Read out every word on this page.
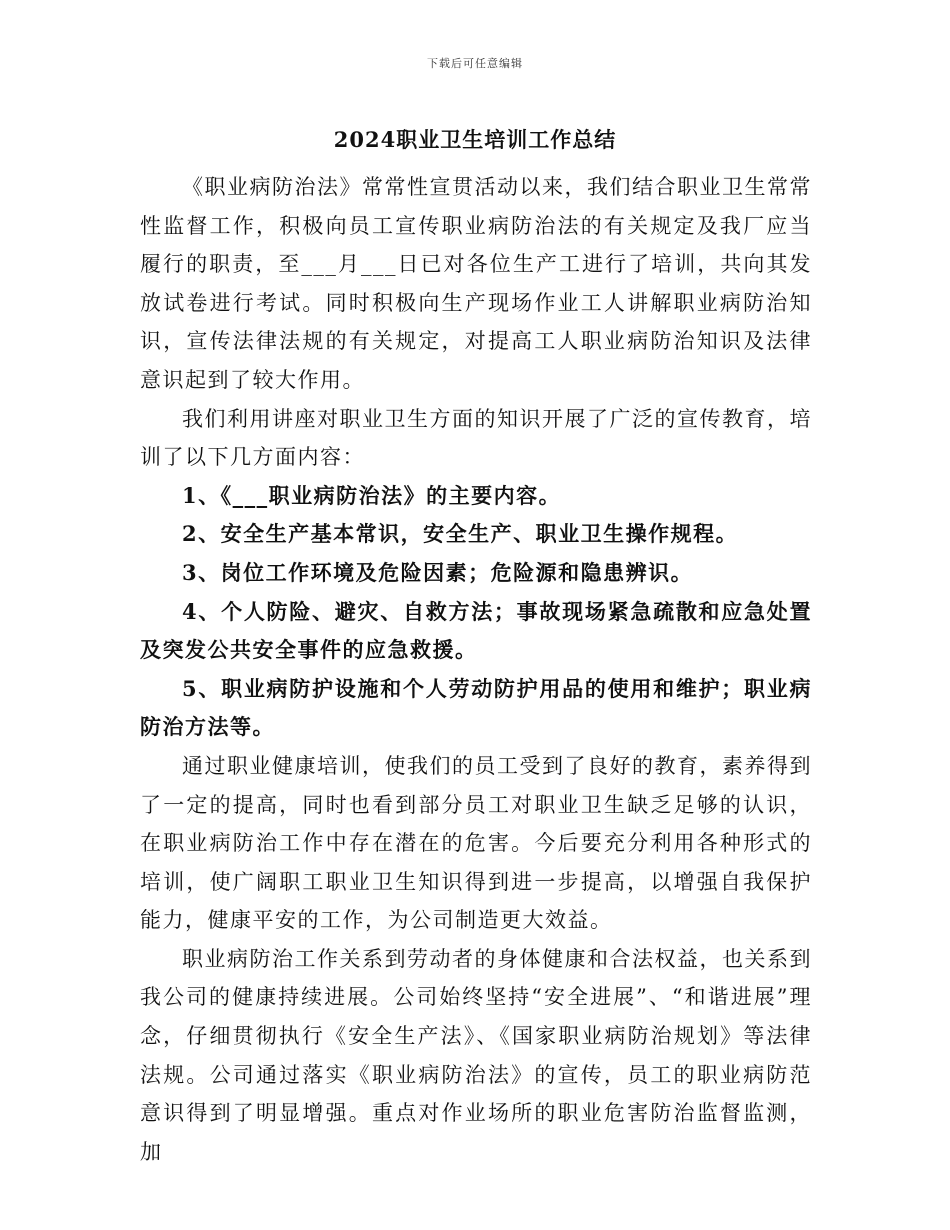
下载后可任意编辑
2024职业卫生培训工作总结

《职业病防治法》常常性宣贯活动以来，我们结合职业卫生常常性监督工作，积极向员工宣传职业病防治法的有关规定及我厂应当履行的职责，至___月___日已对各位生产工进行了培训，共向其发放试卷进行考试。同时积极向生产现场作业工人讲解职业病防治知识，宣传法律法规的有关规定，对提高工人职业病防治知识及法律意识起到了较大作用。

我们利用讲座对职业卫生方面的知识开展了广泛的宣传教育，培训了以下几方面内容：

1、《___职业病防治法》的主要内容。

2、安全生产基本常识，安全生产、职业卫生操作规程。

3、岗位工作环境及危险因素；危险源和隐患辨识。

4、个人防险、避灾、自救方法；事故现场紧急疏散和应急处置及突发公共安全事件的应急救援。

5、职业病防护设施和个人劳动防护用品的使用和维护；职业病防治方法等。

通过职业健康培训，使我们的员工受到了良好的教育，素养得到了一定的提高，同时也看到部分员工对职业卫生缺乏足够的认识，在职业病防治工作中存在潜在的危害。今后要充分利用各种形式的培训，使广阔职工职业卫生知识得到进一步提高，以增强自我保护能力，健康平安的工作，为公司制造更大效益。

职业病防治工作关系到劳动者的身体健康和合法权益，也关系到我公司的健康持续进展。公司始终坚持“安全进展”、“和谐进展”理念，仔细贯彻执行《安全生产法》、《国家职业病防治规划》等法律法规。公司通过落实《职业病防治法》的宣传，员工的职业病防范意识得到了明显增强。重点对作业场所的职业危害防治监督监测，加
